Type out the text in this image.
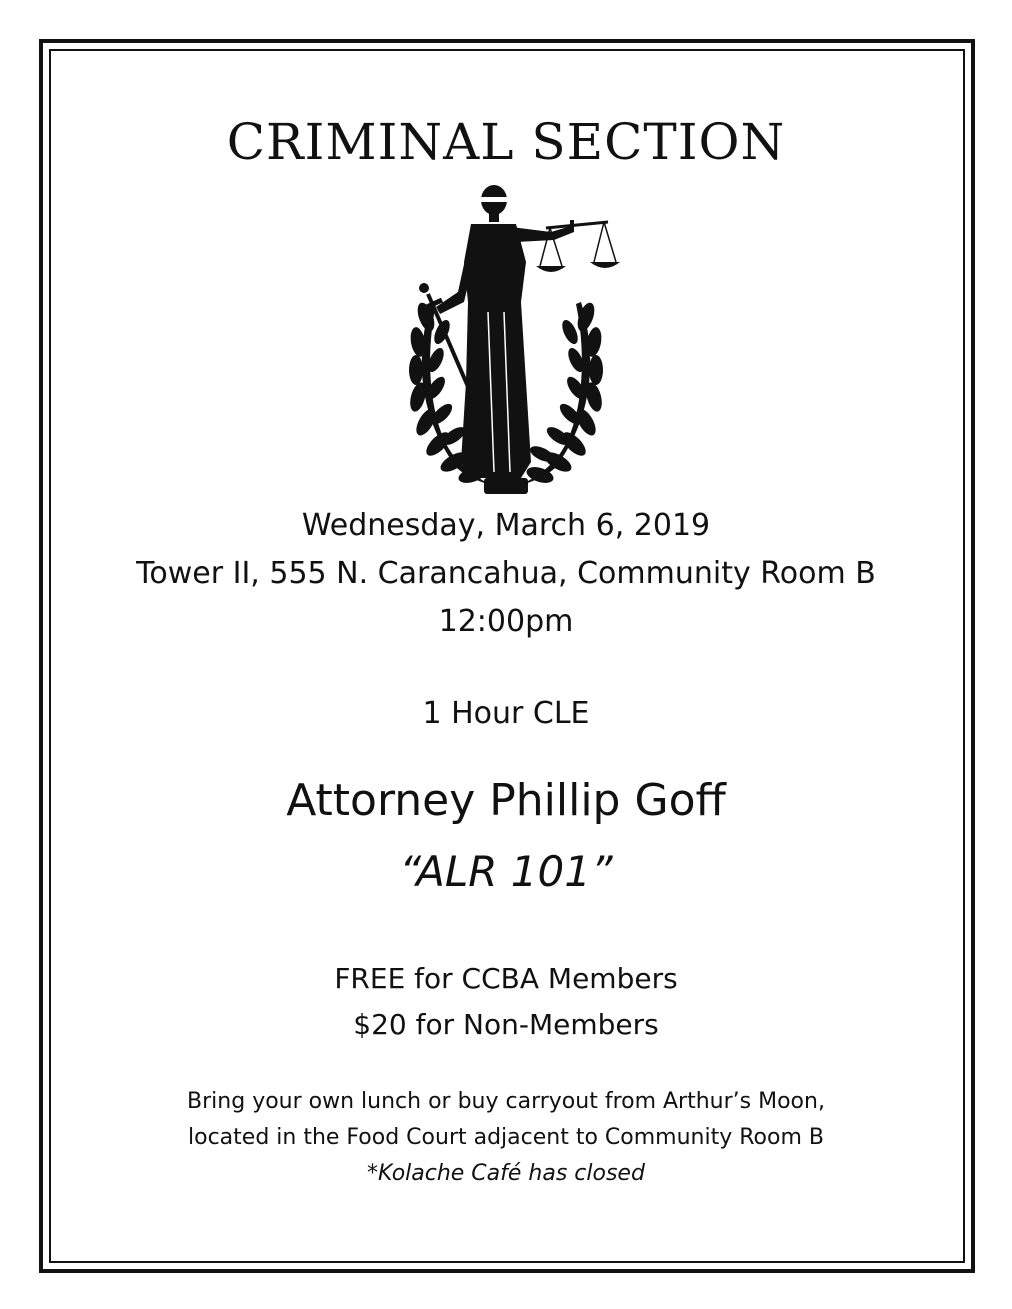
CRIMINAL SECTION
Wednesday, March 6, 2019
Tower II, 555 N. Carancahua, Community Room B
12:00pm
1 Hour CLE
Attorney Phillip Goff
“ALR 101”
FREE for CCBA Members
$20 for Non-Members
Bring your own lunch or buy carryout from Arthur’s Moon,
located in the Food Court adjacent to Community Room B
*Kolache Café has closed
